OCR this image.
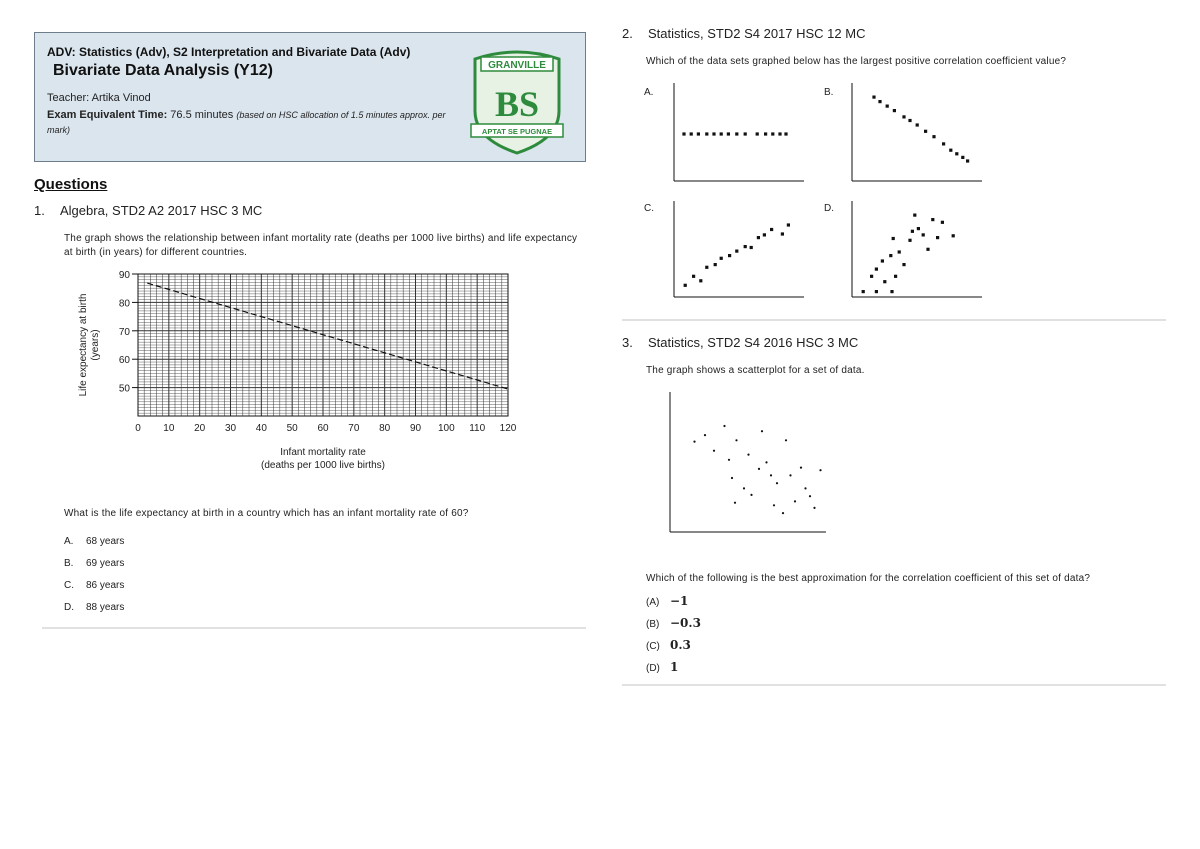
ADV: Statistics (Adv), S2 Interpretation and Bivariate Data (Adv)
Bivariate Data Analysis (Y12)
Teacher: Artika Vinod
Exam Equivalent Time: 76.5 minutes (based on HSC allocation of 1.5 minutes approx. per mark)
GRANVILLE
BS
APTAT SE PUGNAE
Questions
1. Algebra, STD2 A2 2017 HSC 3 MC
The graph shows the relationship between infant mortality rate (deaths per 1000 live births) and life expectancy at birth (in years) for different countries.
0 10 20 30 40 50 60 70 80 90 100 110 120
50
60
70
80
90
Infant mortality rate
(deaths per 1000 live births)
Life expectancy at birth (years)
What is the life expectancy at birth in a country which has an infant mortality rate of 60?
A. 68 years
B. 69 years
C. 86 years
D. 88 years
2. Statistics, STD2 S4 2017 HSC 12 MC
Which of the data sets graphed below has the largest positive correlation coefficient value?
A.	B.
C.	D.
3. Statistics, STD2 S4 2016 HSC 3 MC
The graph shows a scatterplot for a set of data.
Which of the following is the best approximation for the correlation coefficient of this set of data?
(A) −1
(B) −0.3
(C) 0.3
(D) 1
